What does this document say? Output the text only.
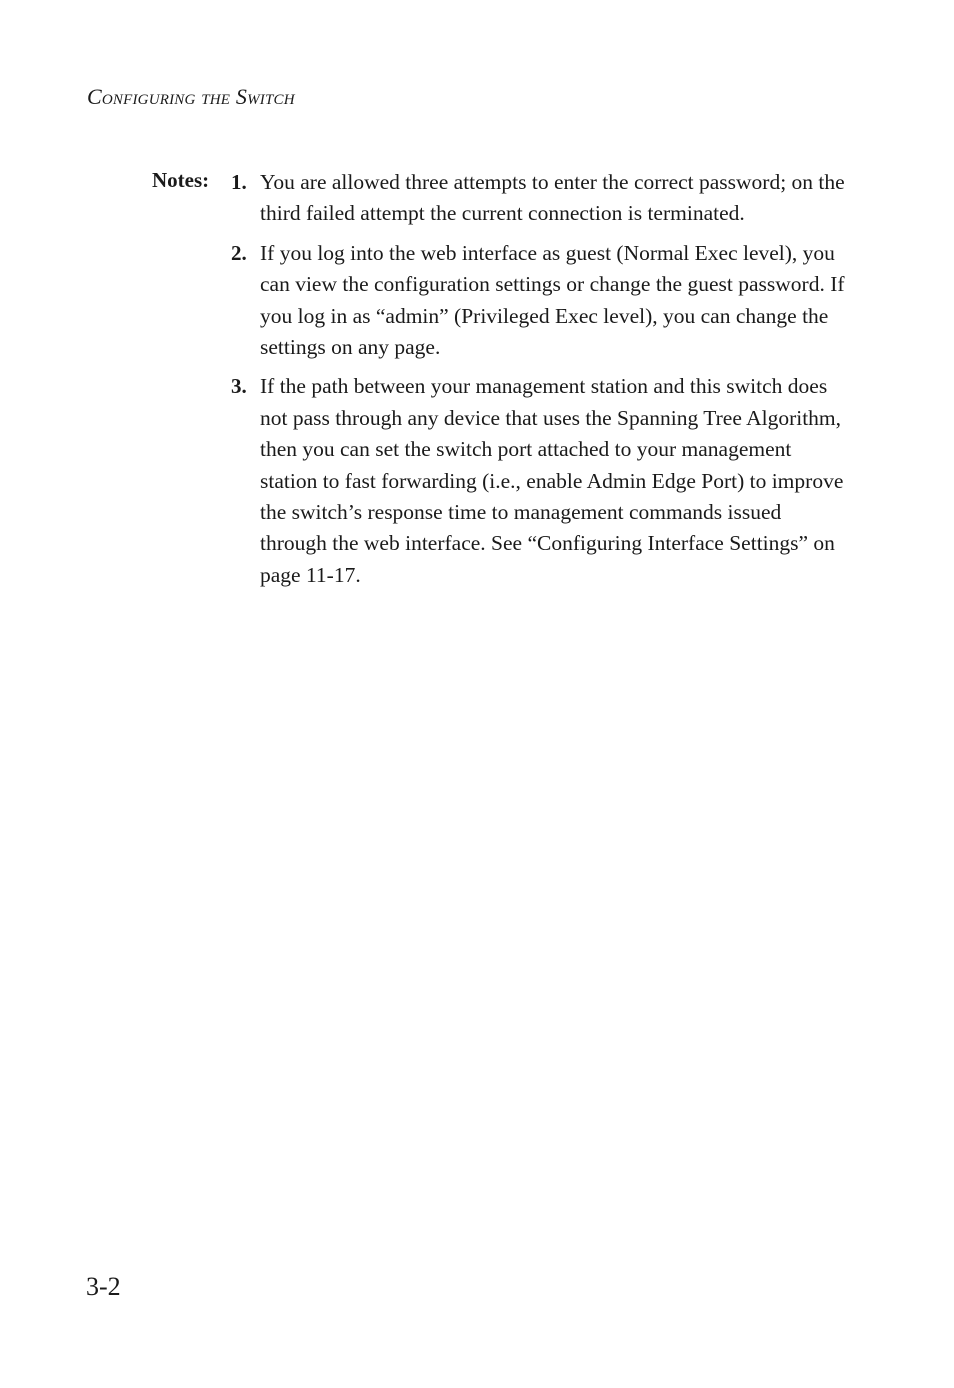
Configuring the Switch
Notes: 1. You are allowed three attempts to enter the correct password; on the third failed attempt the current connection is terminated.
2. If you log into the web interface as guest (Normal Exec level), you can view the configuration settings or change the guest password. If you log in as “admin” (Privileged Exec level), you can change the settings on any page.
3. If the path between your management station and this switch does not pass through any device that uses the Spanning Tree Algorithm, then you can set the switch port attached to your management station to fast forwarding (i.e., enable Admin Edge Port) to improve the switch’s response time to management commands issued through the web interface. See “Configuring Interface Settings” on page 11-17.
3-2
